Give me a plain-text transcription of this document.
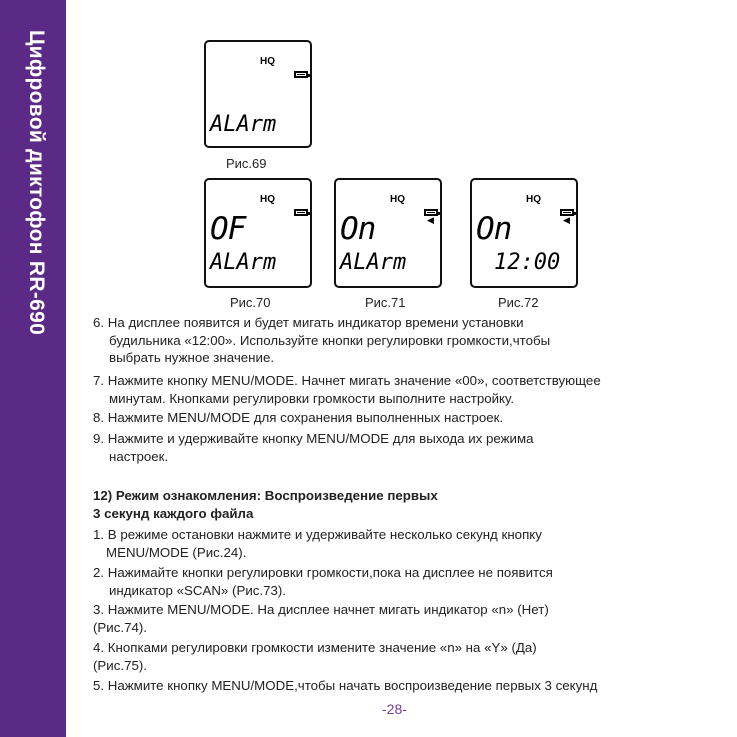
Цифровой диктофон RR-690	HQ
ALArm
Рис.69
HQ
OF
ALArm
Рис.70
HQ
◀
On
ALArm
Рис.71
HQ
◀
On
12:00
Рис.72
6. На дисплее появится и будет мигать индикатор времени установки
будильника «12:00». Используйте кнопки регулировки громкости,чтобы
выбрать нужное значение.
7. Нажмите кнопку MENU/MODE. Начнет мигать значение «00», соответствующее
минутам. Кнопками регулировки громкости выполните настройку.
8. Нажмите MENU/MODE для сохранения выполненных настроек.
9. Нажмите и удерживайте кнопку MENU/MODE для выхода их режима
настроек.
12) Режим ознакомления: Воспроизведение первых
3 секунд каждого файла
1. В режиме остановки нажмите и удерживайте несколько секунд кнопку
MENU/MODE (Рис.24).
2. Нажимайте кнопки регулировки громкости,пока на дисплее не появится
индикатор «SCAN» (Рис.73).
3. Нажмите MENU/MODE. На дисплее начнет мигать индикатор «n» (Нет)
(Рис.74).
4. Кнопками регулировки громкости измените значение «n» на «Y» (Да)
(Рис.75).
5. Нажмите кнопку MENU/MODE,чтобы начать воспроизведение первых 3 секунд
-28-
